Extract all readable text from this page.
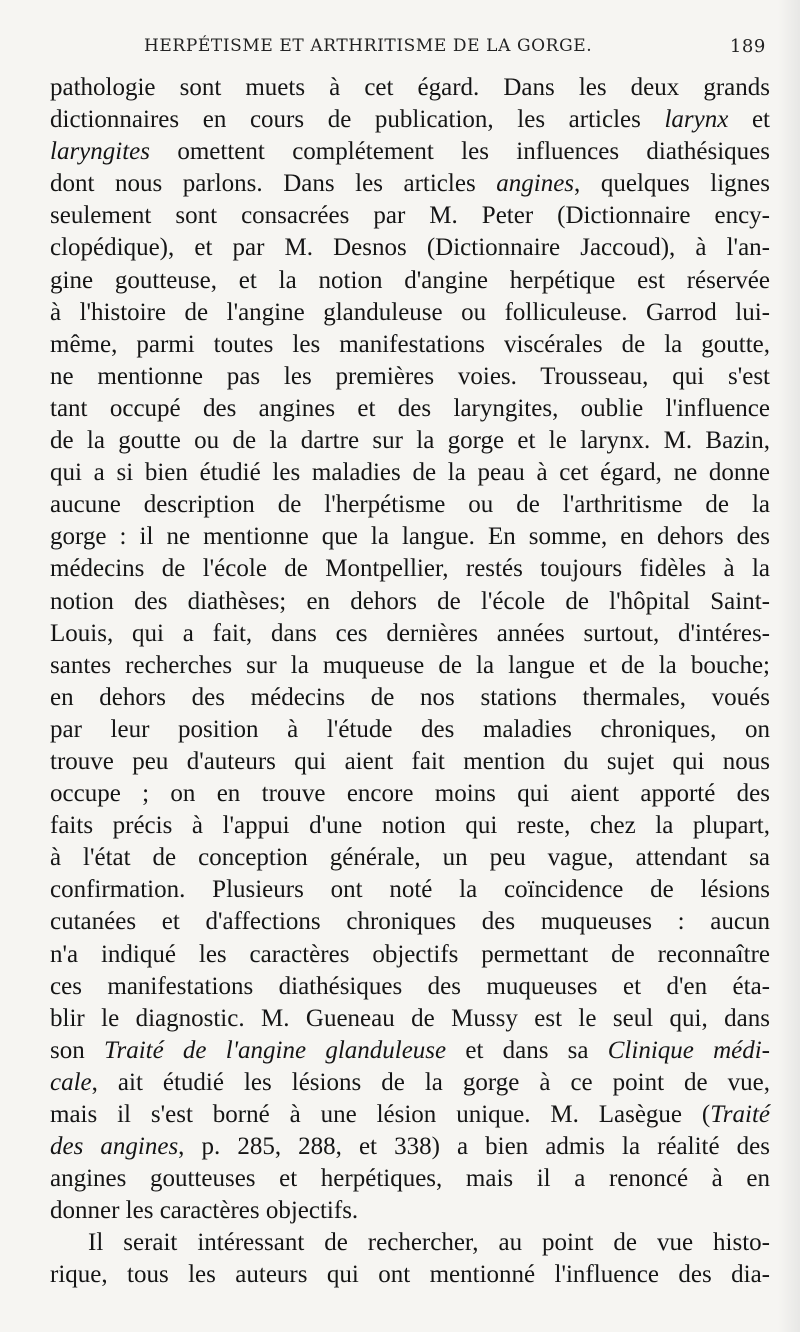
HERPÉTISME ET ARTHRITISME DE LA GORGE.	189
pathologie sont muets à cet égard. Dans les deux grands
dictionnaires en cours de publication, les articles larynx et
laryngites omettent complétement les influences diathésiques
dont nous parlons. Dans les articles angines, quelques lignes
seulement sont consacrées par M. Peter (Dictionnaire ency-
clopédique), et par M. Desnos (Dictionnaire Jaccoud), à l'an-
gine goutteuse, et la notion d'angine herpétique est réservée
à l'histoire de l'angine glanduleuse ou folliculeuse. Garrod lui-
même, parmi toutes les manifestations viscérales de la goutte,
ne mentionne pas les premières voies. Trousseau, qui s'est
tant occupé des angines et des laryngites, oublie l'influence
de la goutte ou de la dartre sur la gorge et le larynx. M. Bazin,
qui a si bien étudié les maladies de la peau à cet égard, ne donne
aucune description de l'herpétisme ou de l'arthritisme de la
gorge : il ne mentionne que la langue. En somme, en dehors des
médecins de l'école de Montpellier, restés toujours fidèles à la
notion des diathèses; en dehors de l'école de l'hôpital Saint-
Louis, qui a fait, dans ces dernières années surtout, d'intéres-
santes recherches sur la muqueuse de la langue et de la bouche;
en dehors des médecins de nos stations thermales, voués
par leur position à l'étude des maladies chroniques, on
trouve peu d'auteurs qui aient fait mention du sujet qui nous
occupe ; on en trouve encore moins qui aient apporté des
faits précis à l'appui d'une notion qui reste, chez la plupart,
à l'état de conception générale, un peu vague, attendant sa
confirmation. Plusieurs ont noté la coïncidence de lésions
cutanées et d'affections chroniques des muqueuses : aucun
n'a indiqué les caractères objectifs permettant de reconnaître
ces manifestations diathésiques des muqueuses et d'en éta-
blir le diagnostic. M. Gueneau de Mussy est le seul qui, dans
son Traité de l'angine glanduleuse et dans sa Clinique médi-
cale, ait étudié les lésions de la gorge à ce point de vue,
mais il s'est borné à une lésion unique. M. Lasègue (Traité
des angines, p. 285, 288, et 338) a bien admis la réalité des
angines goutteuses et herpétiques, mais il a renoncé à en
donner les caractères objectifs.
Il serait intéressant de rechercher, au point de vue histo-
rique, tous les auteurs qui ont mentionné l'influence des dia-
